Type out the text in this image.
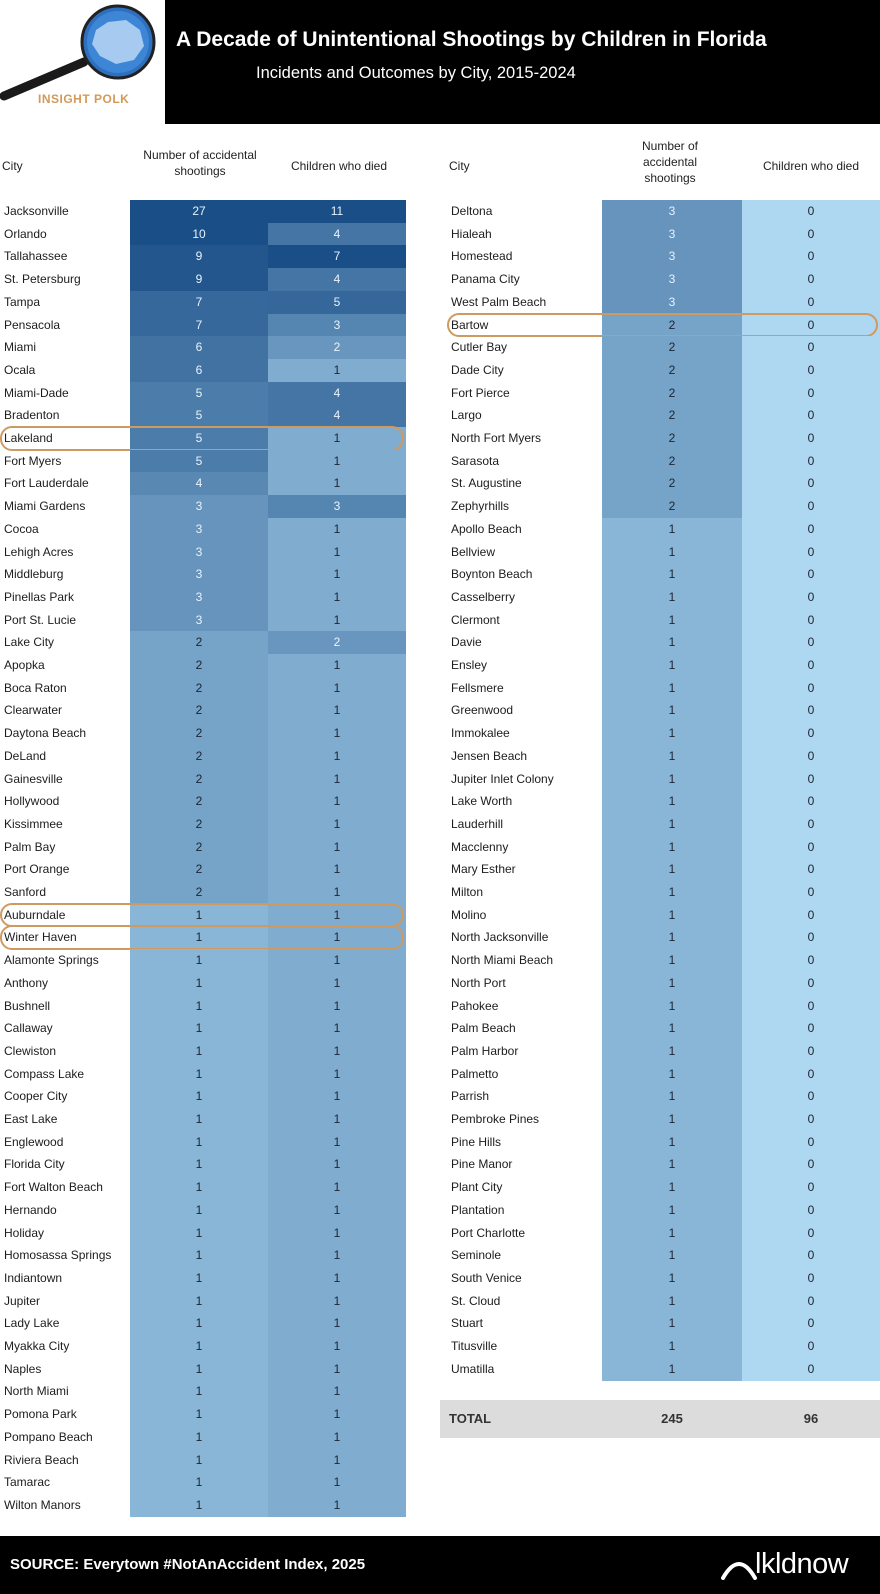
INSIGHT POLK
A Decade of Unintentional Shootings by Children in Florida
Incidents and Outcomes by City, 2015-2024
City
Number of accidental shootings	Children who died	City
Number of accidental shootings
Children who died
Jacksonville	27	11
Orlando	10	4
Tallahassee	9	7
St. Petersburg	9	4
Tampa	7	5
Pensacola	7	3
Miami	6	2
Ocala	6	1
Miami-Dade	5	4
Bradenton	5	4
Lakeland	5	1
Fort Myers	5	1
Fort Lauderdale	4	1
Miami Gardens	3	3
Cocoa	3	1
Lehigh Acres	3	1
Middleburg	3	1
Pinellas Park	3	1
Port St. Lucie	3	1
Lake City	2	2
Apopka	2	1
Boca Raton	2	1
Clearwater	2	1
Daytona Beach	2	1
DeLand	2	1
Gainesville	2	1
Hollywood	2	1
Kissimmee	2	1
Palm Bay	2	1
Port Orange	2	1
Sanford	2	1
Auburndale	1	1
Winter Haven	1	1
Alamonte Springs	1	1
Anthony	1	1
Bushnell	1	1
Callaway	1	1
Clewiston	1	1
Compass Lake	1	1
Cooper City	1	1
East Lake	1	1
Englewood	1	1
Florida City	1	1
Fort Walton Beach	1	1
Hernando	1	1
Holiday	1	1
Homosassa Springs	1	1
Indiantown	1	1
Jupiter	1	1
Lady Lake	1	1
Myakka City	1	1
Naples	1	1
North Miami	1	1
Pomona Park	1	1
Pompano Beach	1	1
Riviera Beach	1	1
Tamarac	1	1
Wilton Manors	1	1
Deltona	3	0
Hialeah	3	0
Homestead	3	0
Panama City	3	0
West Palm Beach	3	0
Bartow	2	0
Cutler Bay	2	0
Dade City	2	0
Fort Pierce	2	0
Largo	2	0
North Fort Myers	2	0
Sarasota	2	0
St. Augustine	2	0
Zephyrhills	2	0
Apollo Beach	1	0
Bellview	1	0
Boynton Beach	1	0
Casselberry	1	0
Clermont	1	0
Davie	1	0
Ensley	1	0
Fellsmere	1	0
Greenwood	1	0
Immokalee	1	0
Jensen Beach	1	0
Jupiter Inlet Colony	1	0
Lake Worth	1	0
Lauderhill	1	0
Macclenny	1	0
Mary Esther	1	0
Milton	1	0
Molino	1	0
North Jacksonville	1	0
North Miami Beach	1	0
North Port	1	0
Pahokee	1	0
Palm Beach	1	0
Palm Harbor	1	0
Palmetto	1	0
Parrish	1	0
Pembroke Pines	1	0
Pine Hills	1	0
Pine Manor	1	0
Plant City	1	0
Plantation	1	0
Port Charlotte	1	0
Seminole	1	0
South Venice	1	0
St. Cloud	1	0
Stuart	1	0
Titusville	1	0
Umatilla	1	0
TOTAL	245	96
SOURCE: Everytown #NotAnAccident Index, 2025	lkldnow
